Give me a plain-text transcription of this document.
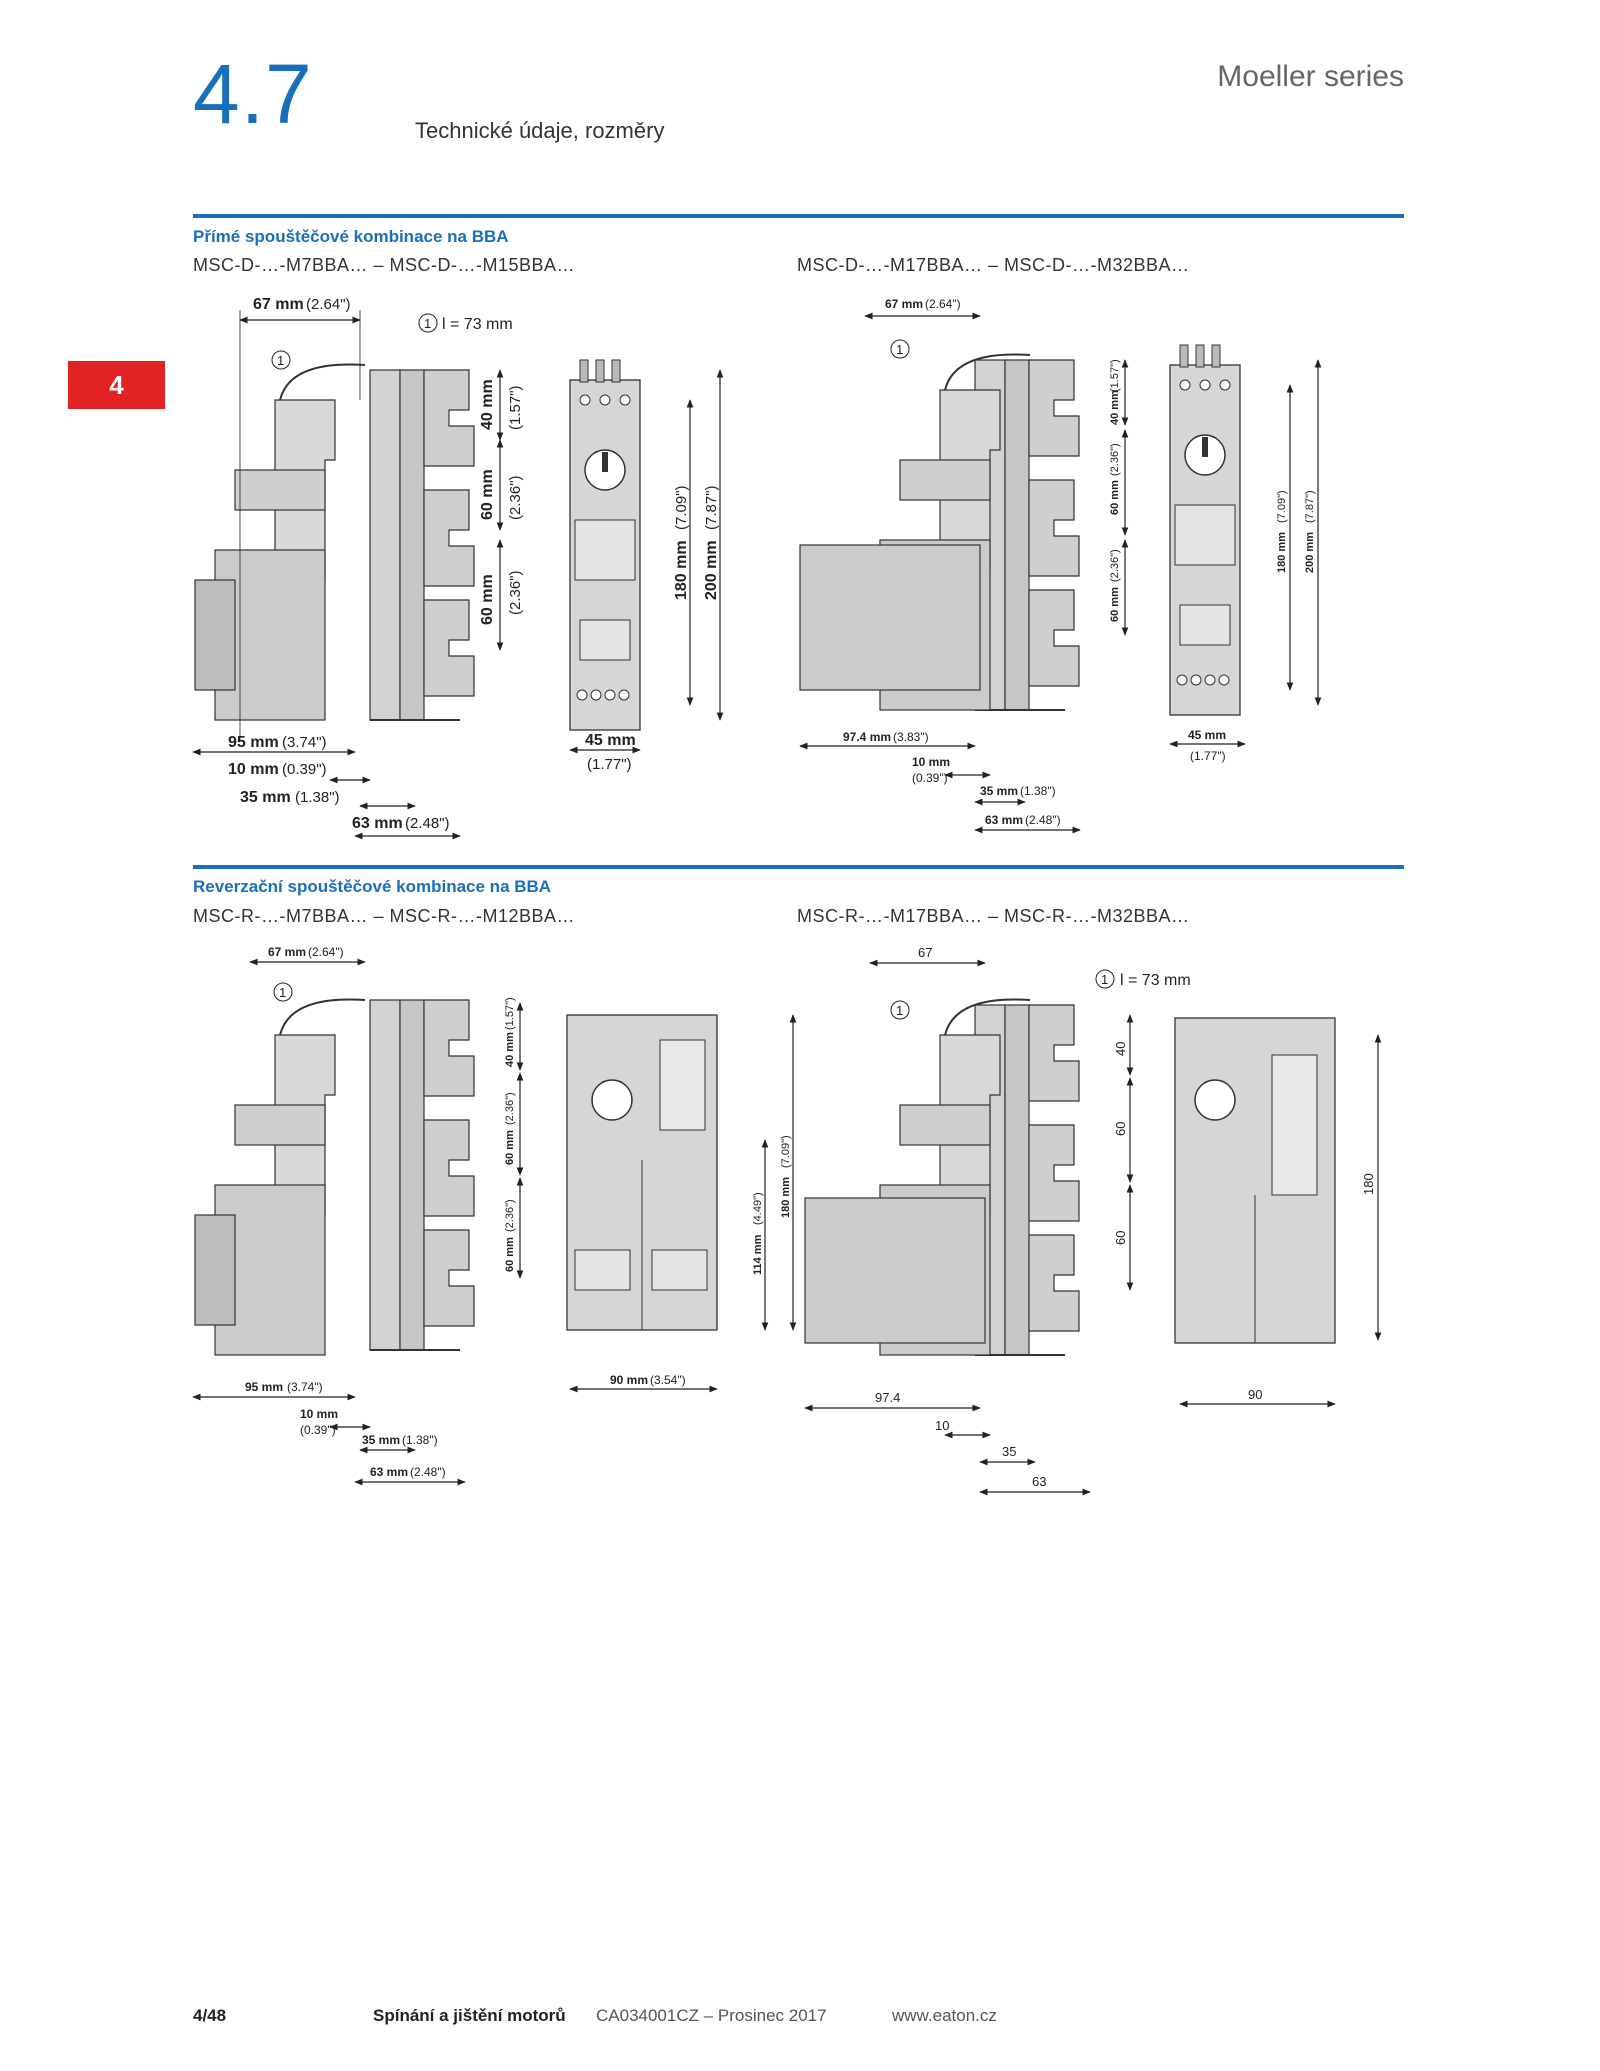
4.7	Technické údaje, rozměry
Moeller series
4
Přímé spouštěčové kombinace na BBA
MSC-D-…-M7BBA… – MSC-D-…-M15BBA…	MSC-D-…-M17BBA… – MSC-D-…-M32BBA…
Reverzační spouštěčové kombinace na BBA
MSC-R-…-M7BBA… – MSC-R-…-M12BBA…	MSC-R-…-M17BBA… – MSC-R-…-M32BBA…
1 l = 73 mm
1
67 mm (2.64")
40 mm (1.57")
60 mm (2.36")
60 mm (2.36")	180 mm
(7.09")
200 mm
(7.87")
45 mm
(1.77")
95 mm (3.74")
10 mm (0.39")
35 mm (1.38")
63 mm (2.48")
1
67 mm (2.64")
40 mm
(1.57")
60 mm
(2.36")
60 mm
(2.36")	180 mm
(7.09")
200 mm
(7.87")
45 mm
(1.77")
97.4 mm (3.83")
10 mm
(0.39")
35 mm (1.38")
63 mm (2.48")
1
67 mm (2.64")
40 mm
(1.57")
60 mm
(2.36")
60 mm
(2.36")
114 mm
(4.49") 180 mm
(7.09")
90 mm (3.54")
95 mm (3.74")
10 mm
(0.39")
35 mm (1.38")
63 mm (2.48")
1 l = 73 mm
1
67
40
60
60
180
90
97.4
10
35
63
4/48	Spínání a jištění motorů CA034001CZ – Prosinec 2017	www.eaton.cz
